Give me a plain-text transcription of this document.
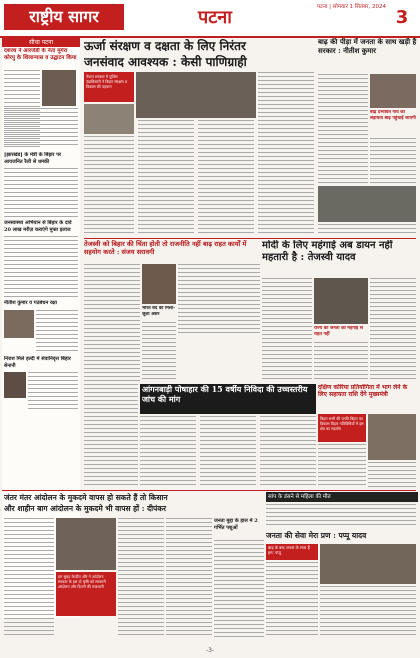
राष्ट्रीय सागर	पटना	पटना | सोमवार 1 सितंबर, 2024 3
सीधा पटना
दशरथ ने आरजेडी के नेता मुंगेरा कोरपु के शिलान्यास व उद्घाटन किया
[झारखंड] के मंत्री के बिहार पर आयजनित रैली से धमकी
जनस्वास्थ्य अभियान से बिहार के दावे 20 लाख मरीज़ कराएंगे मुफ्त इलाज
नीतीश कुमार व गठबंधन रक्षा
निराश मिले हल्दी में सेवानिवृत्त बिहार सेनानी
ऊर्जा संरक्षण व दक्षता के लिए निरंतर
जनसंवाद आवश्यक : केसी पाणिग्राही
नेपाल सरकार मे पुलिस दंडाधिकारी ने बिहार संरक्षण व विकास की पहचान
बाढ़ की पीड़ा में जनता के साथ खड़ी है सरकार : नीतीश कुमार
बाढ़ प्रभावित गांव को सहायता बाढ़ पहुंचाई जाएगी
तेजस्वी को बिहार की चिंता होती तो राजनीति नहीं बाढ़ राहत कार्यों में सहयोग करते : संजय सरावगी
भारत बंद का मिला-जुला असर
मोदी के लिए महंगाई अब डायन नहीं महतारी है : तेजस्वी यादव
राज्य की जनता को महंगाई से राहत नहीं
आंगनबाड़ी पोषाहार की 15 वर्षीय निविदा की उच्चस्तरीय जांच की मांग
दक्षिण कोरिया प्रतियोगिता में भाग लेने के लिए सहायता राशि देंगे मुख्यमंत्री
बिहार सभी की प्रगति बिहार का विकास विहार गतिविधियों में इस क्षेत्र का सहयोग
जंतर मंतर आंदोलन के मुकदमे वापस हो सकते हैं तो किसान
और शाहीन बाग आंदोलन के मुकदमे भी वापस हों : दीपंकर
हम सुबह केन्द्रीय और ने आंदोलन सरकार के इस दो कृषि को सरकारी आंदोलन और दिल्ली की राजधानी
जनता मुद्दा के हाल में 2 गर्भित पशुओं
सांप के डंसने से महिला की मौत
जनता की सेवा मेरा प्रण : पप्पू यादव
बाढ़ के बाद जनता के साथ हैं हम: पप्पू
-3-
